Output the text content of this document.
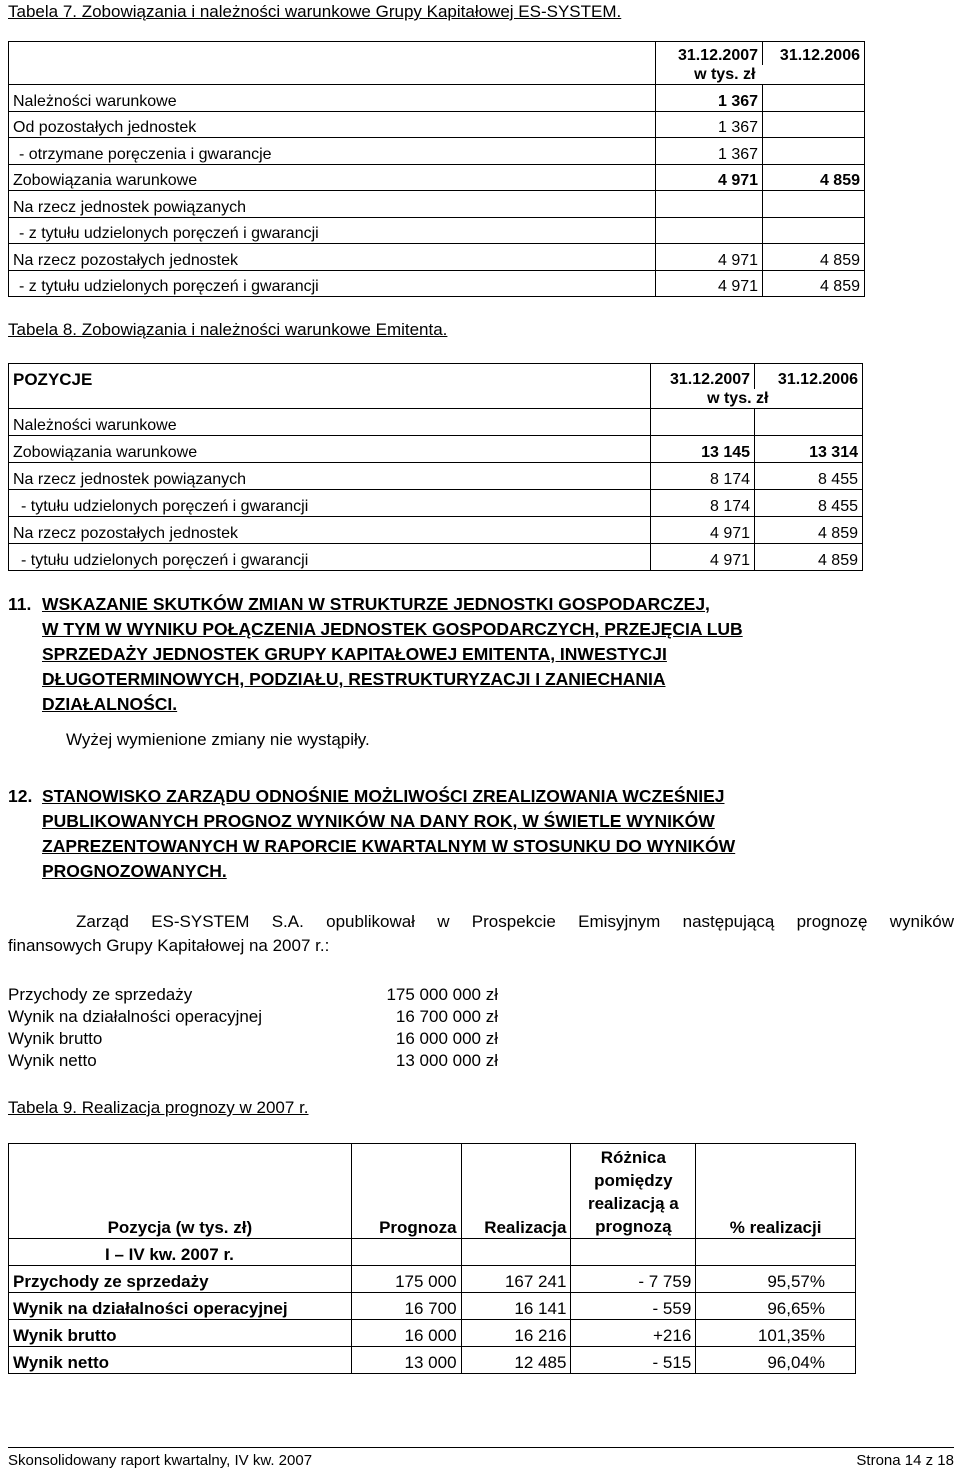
Tabela 7. Zobowiązania i należności warunkowe Grupy Kapitałowej ES-SYSTEM.
	31.12.2007	31.12.2006
	w tys. zł	
Należności warunkowe	1 367	
Od pozostałych jednostek	1 367	
- otrzymane poręczenia i gwarancje	1 367	
Zobowiązania warunkowe	4 971	4 859
Na rzecz jednostek powiązanych		
- z tytułu udzielonych poręczeń i gwarancji		
Na rzecz pozostałych jednostek	4 971	4 859
- z tytułu udzielonych poręczeń i gwarancji	4 971	4 859
Tabela 8. Zobowiązania i należności warunkowe Emitenta.
POZYCJE	31.12.2007	31.12.2006
	w tys. zł	
Należności warunkowe		
Zobowiązania warunkowe	13 145	13 314
Na rzecz jednostek powiązanych	8 174	8 455
- tytułu udzielonych poręczeń i gwarancji	8 174	8 455
Na rzecz pozostałych jednostek	4 971	4 859
- tytułu udzielonych poręczeń i gwarancji	4 971	4 859
11. WSKAZANIE SKUTKÓW ZMIAN W STRUKTURZE JEDNOSTKI GOSPODARCZEJ,
W TYM W WYNIKU POŁĄCZENIA JEDNOSTEK GOSPODARCZYCH, PRZEJĘCIA LUB
SPRZEDAŻY JEDNOSTEK GRUPY KAPITAŁOWEJ EMITENTA, INWESTYCJI
DŁUGOTERMINOWYCH, PODZIAŁU, RESTRUKTURYZACJI I ZANIECHANIA
DZIAŁALNOŚCI.
Wyżej wymienione zmiany nie wystąpiły.
12. STANOWISKO ZARZĄDU ODNOŚNIE MOŻLIWOŚCI ZREALIZOWANIA WCZEŚNIEJ
PUBLIKOWANYCH PROGNOZ WYNIKÓW NA DANY ROK, W ŚWIETLE WYNIKÓW
ZAPREZENTOWANYCH W RAPORCIE KWARTALNYM W STOSUNKU DO WYNIKÓW
PROGNOZOWANYCH.
Zarząd ES-SYSTEM S.A. opublikował w Prospekcie Emisyjnym następującą prognozę wyników
finansowych Grupy Kapitałowej na 2007 r.:
Przychody ze sprzedaży	175 000 000 zł
Wynik na działalności operacyjnej	16 700 000 zł
Wynik brutto	16 000 000 zł
Wynik netto	13 000 000 zł
Tabela 9. Realizacja prognozy w 2007 r.
Pozycja (w tys. zł)	Prognoza	Realizacja	Różnica
pomiędzy
realizacją a
prognozą	% realizacji
I – IV kw. 2007 r.				
Przychody ze sprzedaży	175 000	167 241	- 7 759	95,57%
Wynik na działalności operacyjnej	16 700	16 141	- 559	96,65%
Wynik brutto	16 000	16 216	+216	101,35%
Wynik netto	13 000	12 485	- 515	96,04%
Skonsolidowany raport kwartalny, IV kw. 2007	Strona 14 z 18
